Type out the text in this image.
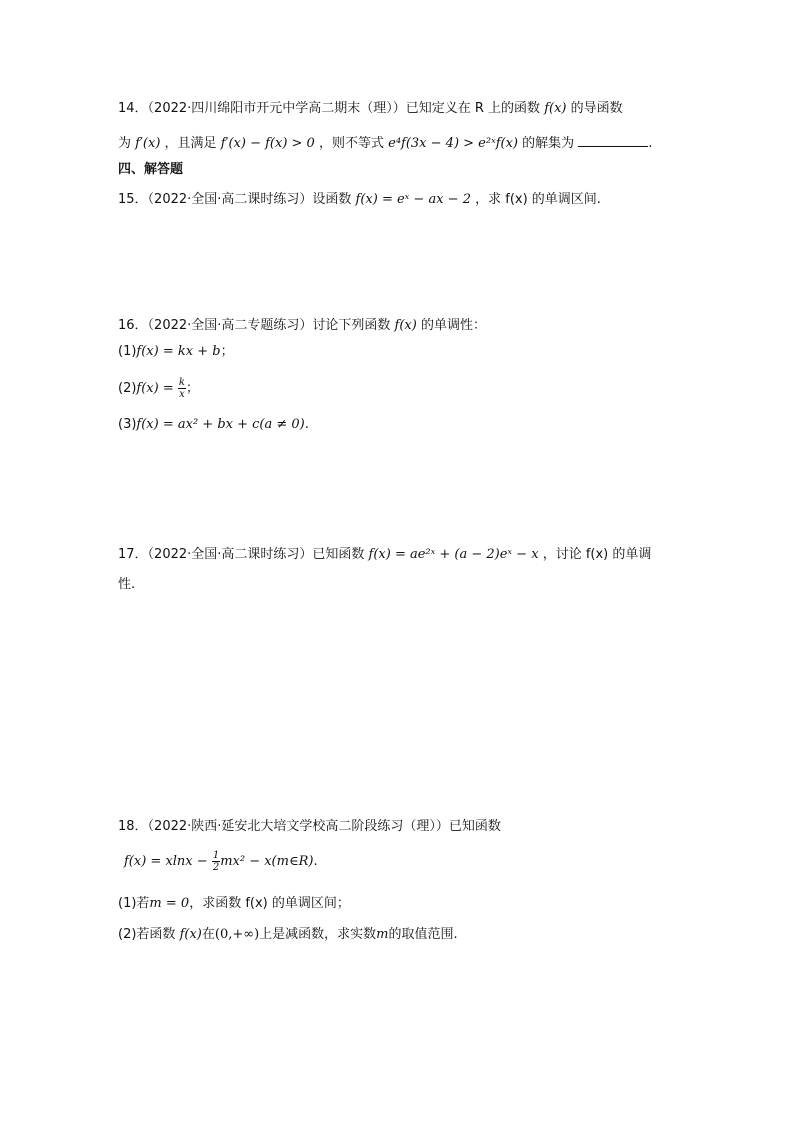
14．（2022·四川绵阳市开元中学高二期末（理））已知定义在 R 上的函数 f(x) 的导函数
为 f′(x) ，且满足 f′(x) − f(x) > 0 ，则不等式 e⁴f(3x − 4) > e²ˣf(x) 的解集为	.
四、解答题
15．（2022·全国·高二课时练习）设函数 f(x) = eˣ − ax − 2 ，求 f(x) 的单调区间.
16．（2022·全国·高二专题练习）讨论下列函数 f(x) 的单调性：
(1)f(x) = kx + b；
$(2)f(x) = \frac{k}{x}$ ；
(3)f(x) = ax² + bx + c(a ≠ 0).
17．（2022·全国·高二课时练习）已知函数 f(x) = ae²ˣ + (a − 2)eˣ − x ，讨论 f(x) 的单调
性.
18．（2022·陕西·延安北大培文学校高二阶段练习（理））已知函数
$f(x) = xlnx - \frac{1}{2} mx^2$ − x(m∈R).
(1)若m = 0，求函数 f(x) 的单调区间；
(2)若函数 f(x)在(0,+∞)上是减函数，求实数m的取值范围.
